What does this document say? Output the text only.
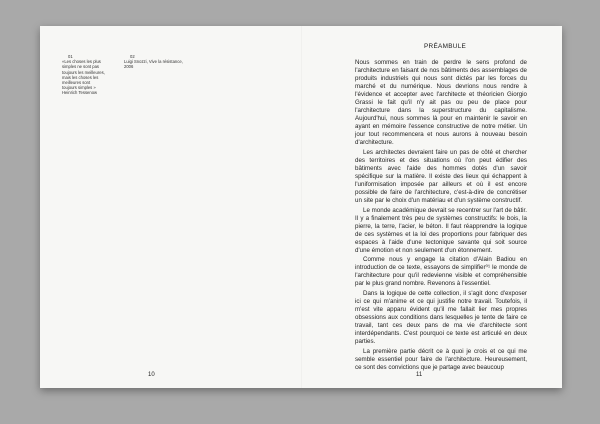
01
«Les choses les plus simples ne sont pas toujours les meilleures, mais les choses les meilleures sont toujours simples » Heinrich Tessenow
02
Luigi Snozzi, Vive la résistance, 2006
10
PRÉAMBULE

Nous sommes en train de perdre le sens profond de l'architecture en faisant de nos bâtiments des assemblages de produits industriels qui nous sont dictés par les forces du marché et du numérique. Nous devrions nous rendre à l'évidence et accepter avec l'architecte et théoricien Giorgio Grassi le fait qu'il n'y ait pas ou peu de place pour l'architecture dans la superstructure du capitalisme. Aujourd'hui, nous sommes là pour en maintenir le savoir en ayant en mémoire l'essence constructive de notre métier. Un jour tout recommencera et nous aurons à nouveau besoin d'architecture.

Les architectes devraient faire un pas de côté et chercher des territoires et des situations où l'on peut édifier des bâtiments avec l'aide des hommes dotés d'un savoir spécifique sur la matière. Il existe des lieux qui échappent à l'uniformisation imposée par ailleurs et où il est encore possible de faire de l'architecture, c'est-à-dire de concrétiser un site par le choix d'un matériau et d'un système constructif.

Le monde académique devrait se recentrer sur l'art de bâtir. Il y a finalement très peu de systèmes constructifs: le bois, la pierre, la terre, l'acier, le béton. Il faut réapprendre la logique de ces systèmes et la loi des proportions pour fabriquer des espaces à l'aide d'une tectonique savante qui soit source d'une émotion et non seulement d'un étonnement.

Comme nous y engage la citation d'Alain Badiou en introduction de ce texte, essayons de simplifier⁰¹ le monde de l'architecture pour qu'il redevienne visible et compréhensible par le plus grand nombre. Revenons à l'essentiel.

Dans la logique de cette collection, il s'agit donc d'exposer ici ce qui m'anime et ce qui justifie notre travail. Toutefois, il m'est vite apparu évident qu'il me fallait lier mes propres obsessions aux conditions dans lesquelles je tente de faire ce travail, tant ces deux pans de ma vie d'architecte sont interdépendants. C'est pourquoi ce texte est articulé en deux parties.

La première partie décrit ce à quoi je crois et ce qui me semble essentiel pour faire de l'architecture. Heureusement, ce sont des convictions que je partage avec beaucoup

11
